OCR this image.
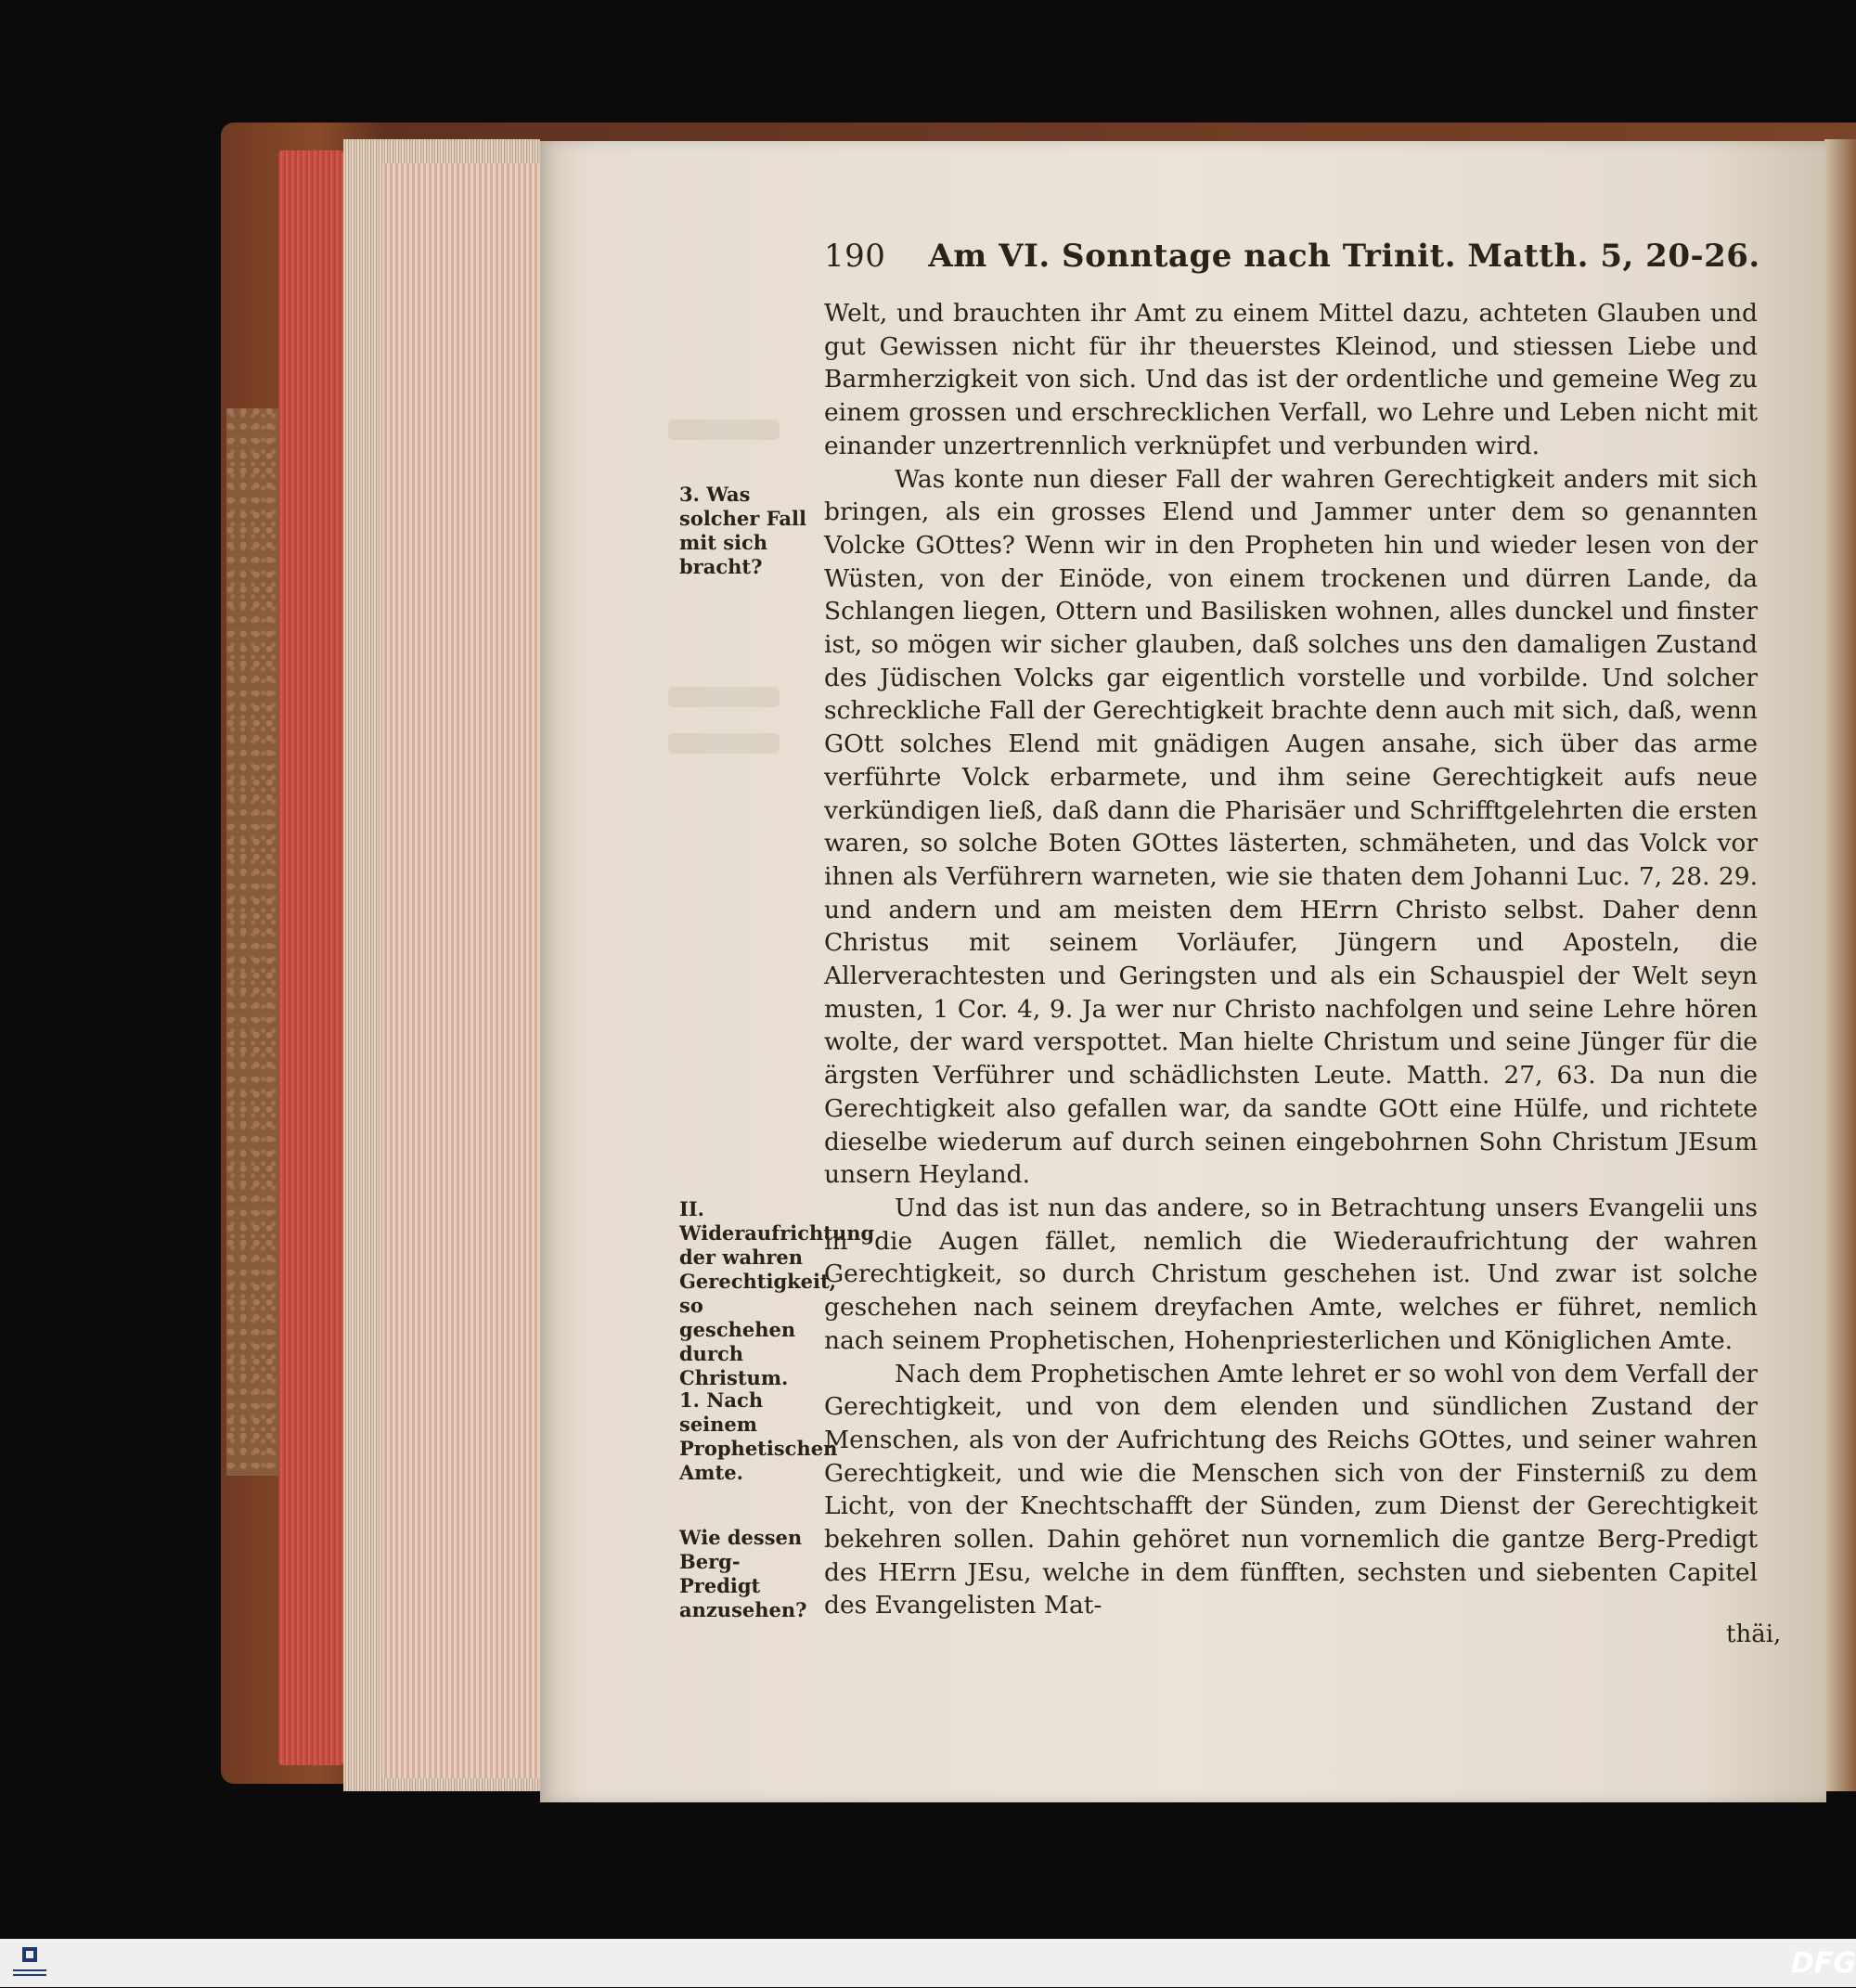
190 Am VI. Sonntage nach Trinit. Matth. 5, 20-26.
3. Was solcher Fall mit sich bracht?
II. Wideraufrichtung der wahren Gerechtigkeit, so geschehen durch Christum.
1. Nach seinem Prophetischen Amte.
Wie dessen Berg-Predigt anzusehen?

Welt, und brauchten ihr Amt zu einem Mittel dazu, achteten Glauben und gut Gewissen nicht für ihr theuerstes Kleinod, und stiessen Liebe und Barmherzigkeit von sich. Und das ist der ordentliche und gemeine Weg zu einem grossen und erschrecklichen Verfall, wo Lehre und Leben nicht mit einander unzertrennlich verknüpfet und verbunden wird.

Was konte nun dieser Fall der wahren Gerechtigkeit anders mit sich bringen, als ein grosses Elend und Jammer unter dem so genannten Volcke GOttes? Wenn wir in den Propheten hin und wieder lesen von der Wüsten, von der Einöde, von einem trockenen und dürren Lande, da Schlangen liegen, Ottern und Basilisken wohnen, alles dunckel und finster ist, so mögen wir sicher glauben, daß solches uns den damaligen Zustand des Jüdischen Volcks gar eigentlich vorstelle und vorbilde. Und solcher schreckliche Fall der Gerechtigkeit brachte denn auch mit sich, daß, wenn GOtt solches Elend mit gnädigen Augen ansahe, sich über das arme verführte Volck erbarmete, und ihm seine Gerechtigkeit aufs neue verkündigen ließ, daß dann die Pharisäer und Schrifftgelehrten die ersten waren, so solche Boten GOttes lästerten, schmäheten, und das Volck vor ihnen als Verführern warneten, wie sie thaten dem Johanni Luc. 7, 28. 29. und andern und am meisten dem HErrn Christo selbst. Daher denn Christus mit seinem Vorläufer, Jüngern und Aposteln, die Allerverachtesten und Geringsten und als ein Schauspiel der Welt seyn musten, 1 Cor. 4, 9. Ja wer nur Christo nachfolgen und seine Lehre hören wolte, der ward verspottet. Man hielte Christum und seine Jünger für die ärgsten Verführer und schädlichsten Leute. Matth. 27, 63. Da nun die Gerechtigkeit also gefallen war, da sandte GOtt eine Hülfe, und richtete dieselbe wiederum auf durch seinen eingebohrnen Sohn Christum JEsum unsern Heyland.

Und das ist nun das andere, so in Betrachtung unsers Evangelii uns in die Augen fället, nemlich die Wiederaufrichtung der wahren Gerechtigkeit, so durch Christum geschehen ist. Und zwar ist solche geschehen nach seinem dreyfachen Amte, welches er führet, nemlich nach seinem Prophetischen, Hohenpriesterlichen und Königlichen Amte.

Nach dem Prophetischen Amte lehret er so wohl von dem Verfall der Gerechtigkeit, und von dem elenden und sündlichen Zustand der Menschen, als von der Aufrichtung des Reichs GOttes, und seiner wahren Gerechtigkeit, und wie die Menschen sich von der Finsterniß zu dem Licht, von der Knechtschafft der Sünden, zum Dienst der Gerechtigkeit bekehren sollen. Dahin gehöret nun vornemlich die gantze Berg-Predigt des HErrn JEsu, welche in dem fünfften, sechsten und siebenten Capitel des Evangelisten Mat-

thäi,
DFG
